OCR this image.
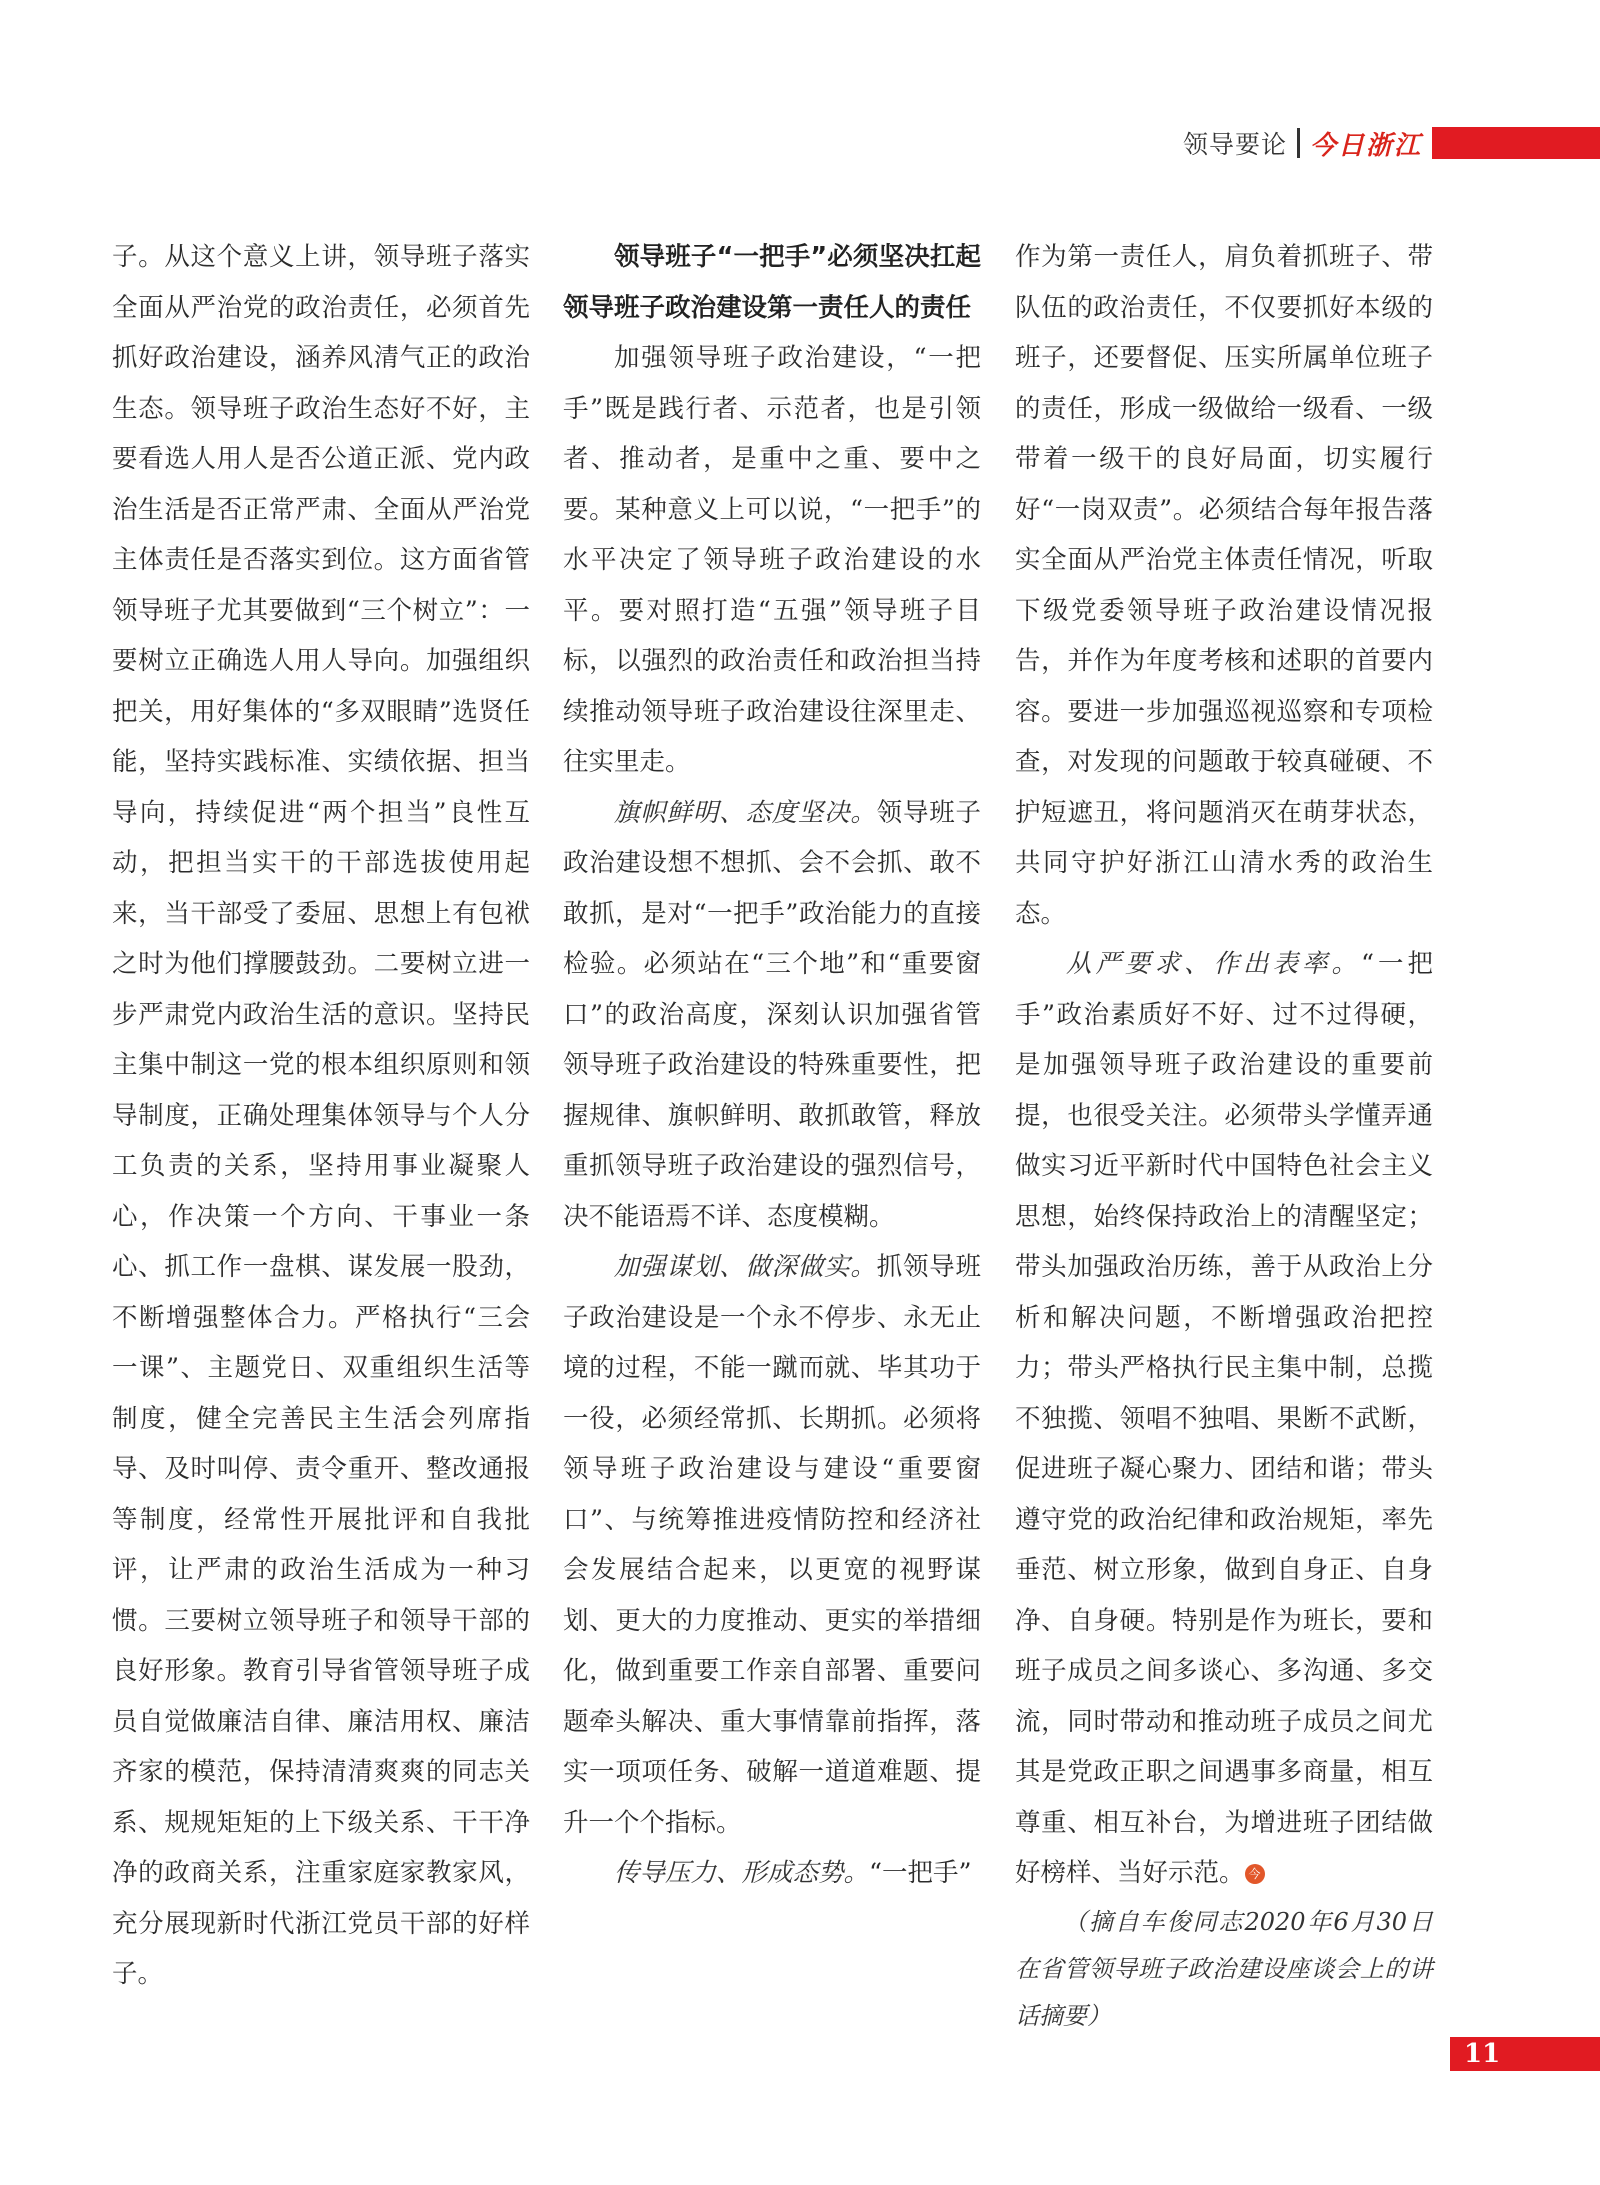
领导要论 今日浙江

子。从这个意义上讲，领导班子落实全面从严治党的政治责任，必须首先抓好政治建设，涵养风清气正的政治生态。领导班子政治生态好不好，主要看选人用人是否公道正派、党内政治生活是否正常严肃、全面从严治党主体责任是否落实到位。这方面省管领导班子尤其要做到“三个树立”：一要树立正确选人用人导向。加强组织把关，用好集体的“多双眼睛”选贤任能，坚持实践标准、实绩依据、担当导向，持续促进“两个担当”良性互动，把担当实干的干部选拔使用起来，当干部受了委屈、思想上有包袱之时为他们撑腰鼓劲。二要树立进一步严肃党内政治生活的意识。坚持民主集中制这一党的根本组织原则和领导制度，正确处理集体领导与个人分工负责的关系，坚持用事业凝聚人心，作决策一个方向、干事业一条心、抓工作一盘棋、谋发展一股劲，不断增强整体合力。严格执行“三会一课”、主题党日、双重组织生活等制度，健全完善民主生活会列席指导、及时叫停、责令重开、整改通报等制度，经常性开展批评和自我批评，让严肃的政治生活成为一种习惯。三要树立领导班子和领导干部的良好形象。教育引导省管领导班子成员自觉做廉洁自律、廉洁用权、廉洁齐家的模范，保持清清爽爽的同志关系、规规矩矩的上下级关系、干干净净的政商关系，注重家庭家教家风，充分展现新时代浙江党员干部的好样子。

领导班子“一把手”必须坚决扛起领导班子政治建设第一责任人的责任

加强领导班子政治建设，“一把手”既是践行者、示范者，也是引领者、推动者，是重中之重、要中之要。某种意义上可以说，“一把手”的水平决定了领导班子政治建设的水平。要对照打造“五强”领导班子目标，以强烈的政治责任和政治担当持续推动领导班子政治建设往深里走、往实里走。

旗帜鲜明、态度坚决。领导班子政治建设想不想抓、会不会抓、敢不敢抓，是对“一把手”政治能力的直接检验。必须站在“三个地”和“重要窗口”的政治高度，深刻认识加强省管领导班子政治建设的特殊重要性，把握规律、旗帜鲜明、敢抓敢管，释放重抓领导班子政治建设的强烈信号，决不能语焉不详、态度模糊。

加强谋划、做深做实。抓领导班子政治建设是一个永不停步、永无止境的过程，不能一蹴而就、毕其功于一役，必须经常抓、长期抓。必须将领导班子政治建设与建设“重要窗口”、与统筹推进疫情防控和经济社会发展结合起来，以更宽的视野谋划、更大的力度推动、更实的举措细化，做到重要工作亲自部署、重要问题牵头解决、重大事情靠前指挥，落实一项项任务、破解一道道难题、提升一个个指标。

传导压力、形成态势。“一把手”

作为第一责任人，肩负着抓班子、带队伍的政治责任，不仅要抓好本级的班子，还要督促、压实所属单位班子的责任，形成一级做给一级看、一级带着一级干的良好局面，切实履行好“一岗双责”。必须结合每年报告落实全面从严治党主体责任情况，听取下级党委领导班子政治建设情况报告，并作为年度考核和述职的首要内容。要进一步加强巡视巡察和专项检查，对发现的问题敢于较真碰硬、不护短遮丑，将问题消灭在萌芽状态，共同守护好浙江山清水秀的政治生态。

从严要求、作出表率。“一把手”政治素质好不好、过不过得硬，是加强领导班子政治建设的重要前提，也很受关注。必须带头学懂弄通做实习近平新时代中国特色社会主义思想，始终保持政治上的清醒坚定；带头加强政治历练，善于从政治上分析和解决问题，不断增强政治把控力；带头严格执行民主集中制，总揽不独揽、领唱不独唱、果断不武断，促进班子凝心聚力、团结和谐；带头遵守党的政治纪律和政治规矩，率先垂范、树立形象，做到自身正、自身净、自身硬。特别是作为班长，要和班子成员之间多谈心、多沟通、多交流，同时带动和推动班子成员之间尤其是党政正职之间遇事多商量，相互尊重、相互补台，为增进班子团结做好榜样、当好示范。 今

（摘自车俊同志2020年6月30日在省管领导班子政治建设座谈会上的讲话摘要）

11
